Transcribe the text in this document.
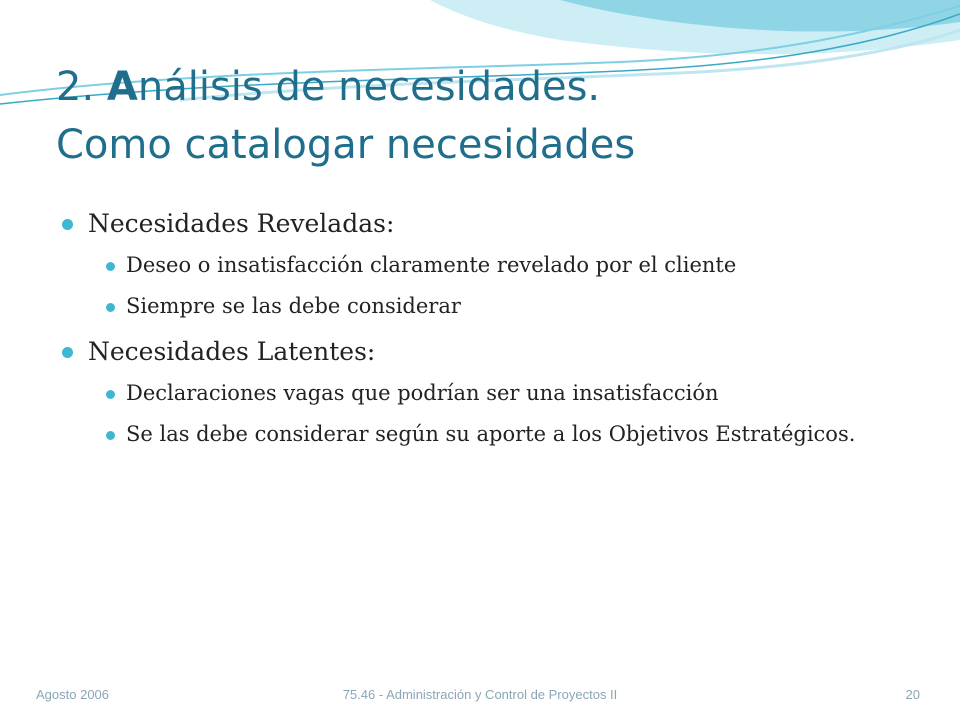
2. Análisis de necesidades.
Como catalogar necesidades
Necesidades Reveladas:
Deseo o insatisfacción claramente revelado por el cliente
Siempre se las debe considerar
Necesidades Latentes:
Declaraciones vagas que podrían ser una insatisfacción
Se las debe considerar según su aporte a los Objetivos Estratégicos.
Agosto 2006	75.46 - Administración y Control de Proyectos II	20
